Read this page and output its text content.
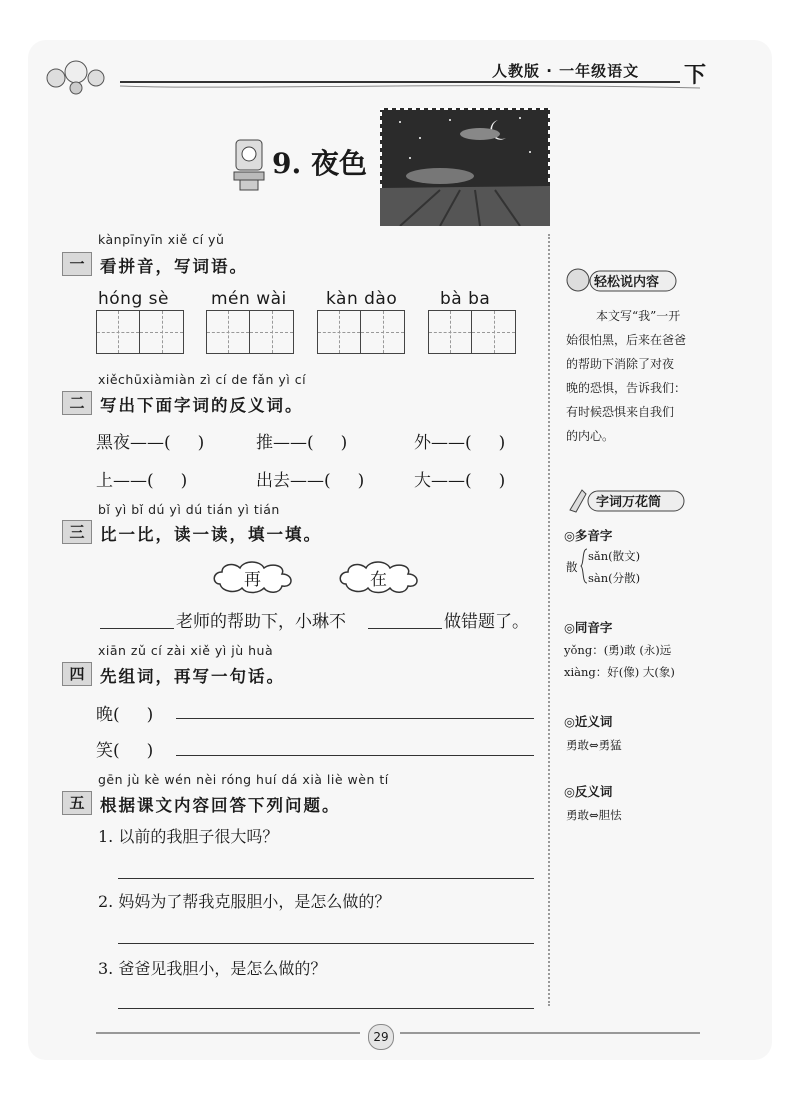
人教版 · 一年级语文 下
9. 夜色
kànpīnyīn xiě cí yǔ
一 看拼音，写词语。
hóng sè mén wài kàn dào	bà ba
xiěchūxiàmiàn zì cí de fǎn yì cí
二 写出下面字词的反义词。
黑夜——(     )	推——(     )	外——(     )
上——(     )	出去——(     )	大——(     )
bǐ yì bǐ dú yì dú tián yì tián
三 比一比，读一读，填一填。
再	在
老师的帮助下，小琳不	做错题了。
xiān zǔ cí zài xiě yì jù huà
四 先组词，再写一句话。
晚(     )
笑(     )
gēn jù kè wén nèi róng huí dá xià liè wèn tí
五 根据课文内容回答下列问题。
1. 以前的我胆子很大吗？
2. 妈妈为了帮我克服胆小，是怎么做的？
3. 爸爸见我胆小，是怎么做的？
轻松说内容
本文写“我”一开
始很怕黑，后来在爸爸
的帮助下消除了对夜
晚的恐惧，告诉我们：
有时候恐惧来自我们
的内心。
字词万花筒
◎多音字
散
sǎn(散文)
sàn(分散)
◎同音字
yǒng：(勇)敢 (永)远
xiàng：好(像) 大(象)
◎近义词
勇敢⇔勇猛
◎反义词
勇敢⇔胆怯
29
